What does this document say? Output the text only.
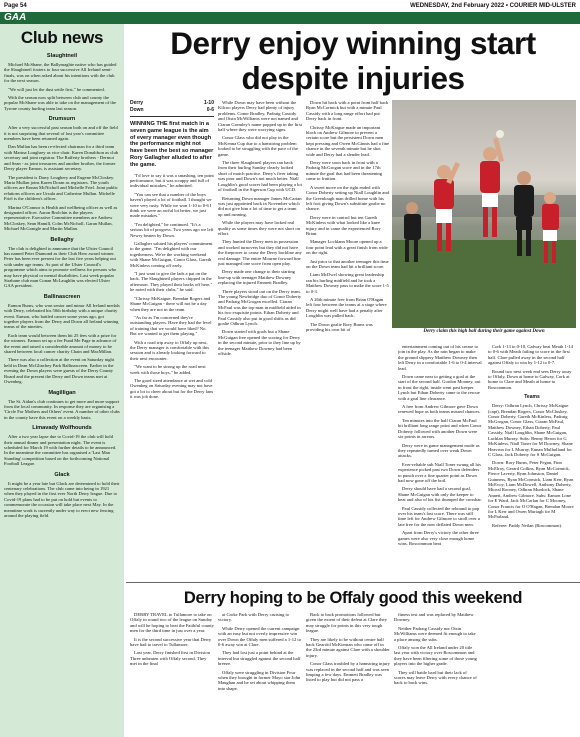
Page 54	WEDNESDAY, 2nd February 2022 • COURIER MID-ULSTER
GAA
Club news
Slaughtneil

Michael McShane, the Ballymaghie native who has guided the Slaughtneil footers to four successive All Ireland semi-finals, was on when asked about his intentions with the club for the next season.

"We will just let the dust settle first," he commented.

With the season now split between club and county the popular McShane was able to take on the management of the Tyrone county hurling team last season.

Drumsurn

After a very successful past season both on and off the field it is not surprising that several of last year's committee members have been returned again.

Dan Mullan has been re-elected chairman for a third team with Marina Loughrey as vice chair. Karen Donaldson as club secretary and joint registrar. The Rafferty brothers - Dermot and Sean - as joint treasurers and another brother, the former Derry player Eamon, is assistant secretary.

The president is Darry Loughery and Eugene McCloskey. Maria Mullan joins Karen Doran as registrars. The youth officers are Ronan McNicholl and Michelle Friel. Joint public relations officers are Ursula and Catherine Mullan. Michelle Friel is the children's officer.

Marina O'Connor is Health and wellbeing officer as well as designated officer. Aaron Brolchin is the players representative. Executive Committee members are Andrew McCloskey, Sean Hamill, Colm McNicholl, Garan Mullan, Michael McGonigle and Martin Mullan.

Bellaghy

The club is delighted to announce that the Ulster Council has named Peter Diamond as their Club Hero award winner. Peter has been ever present for the last five years helping out with under age teams. As part of the Ulster Council's programme which aims to promote wellness for persons who may have physical or mental disabilities. Last week popular Strabane club man Conan McLaughlin was elected Ulster GAA president.

Ballinascreen

Eamon Burns, who won senior and minor All Ireland medals with Derry, celebrated his 50th birthday with a unique charity event. Eamon, who battled cancer some years ago, got together players from the Derry and Down all Ireland winning teams of the nineties.

Each team would between them hit 25 fees with a prize for the winners. Eamon set up a fee Fund Me Page in advance of the event and raised a considerable amount of money to be shared between local cancer charity Chain and MacMillan.

There was also a collection at the event on Saturday night held in Dean McGlinchey Park Ballinascreen. Earlier in the evening the Down players were guests of the Derry County Board and the present the Derry and Down teams met at Owenbeg.

Magilligan

The St. Aidan's club continues to get more and more support from the local community. In response they are organising a 'Circle For Mothers and Others' event. A number of other clubs in the county have this event on a weekly basis.

Limavady Wolfhounds

After a two year lapse due to Covid-19 the club will hold their annual dinner and presentation night. The event is scheduled for March 19 with further details to be announced. In the meantime the committee has organised a 'Last Man Standing' competition based on the forthcoming National Football League.

Glack

It might be a year late but Glack are determined to hold their centenary celebrations. The club came into being in 1921 when they played in the first ever North Derry league. Due to Covid-19 plans had to be put on hold but events to commemorate the occasion will take place next May. In the meantime work is currently under way to erect new fencing around the playing field.

Derry enjoy winning start despite injuries
Derry	1-10
Down	0-6
WINNING THE first match in a seven game league is the aim of every manager even though the performance might not have been the best so manager Rory Gallagher alluded to after the game.

"I'd love to say it was a smashing, ten point performance, but it was scrappy and full of individual mistakes," he admitted.

"You can see that a number of the boys haven't played a lot of football. I thought we were very rusty. While we won 1-10 to 0-6 I think we were an awful lot better, we just made mistakes."

"I'm delighted," he continued. "It's a serious bit of progress. Two years ago we left Newry beaten by Down.

Gallagher saluted his players' commitment to the game. "I'm delighted with our togetherness. We're the working weekend with Shane McGuigan, Conor Glass, Gareth McKinless coming off early.

"I just want to give the lads a pat on the back. The Slaughtneil players chipped in the afternoon. They played their backs off here," he noted with their clubs," he said.

"Chrissy McKaigue, Brendan Rogers and Shane McGuigan - there will not be a day when they are not in the team.

"As far as I'm concerned they're outstanding players. Have they had the level of training that we would have liked? No. But we wanted to get them playing."

With a road trip away to Offaly up next, the Derry manager is comfortable with this session and is already looking forward to their next encounter.

"We want to be strong up the road next week with those boys," he added.

The good sized attendance at wet and cold Owenbeg on Saturday evening may not have got a lot to cheer about but for the Derry fans it was job done.

While Down may have been without the Kilcoo players Derry had plenty of injury problems. Conor Bradley, Padraig Cassidy and Oisin McWilliams were not named and Ciaran Gormley's name popped up in the first half where they were worrying signs.

Conor Glass who did not play in the McKenna Cup due to a hamstring problem looked to be struggling with the pace of the game.

The three Slaughtneil players ran back from their hurling Sunday clearly looked short of match practice. Derry's fiver taking was poor and Down's not much better. Niall Loughlin's good scorer had been playing a lot of football in the Sigerson Cup with UCD.

Returning Down manager James McCartan was just appointed back in November which did not give him a lot of time to get a team up and running.

While the players may have lacked real quality as some times they were not short on effort.

They hunted the Derry men in possession and worked turnovers but they did not have the firepower to cause the Derry backline any real damage. The entire Mourne forward line just managed one score from open play.

Derry made one change to their starting line-up with teenager Matthew Downey replacing the injured Emmett Bradley.

Three players stood out on the Derry team. The young Newbridge duo of Conor Doherty and Padraig McGrogan excelled. Ciaran McFaul was the top man in midfield aided in his two exquisite points. Ethan Doherty and Paul Cassidy also put in good shifts as did goalie Odhran Lynch.

Down started with goals but a Shane McGuigan free opened the scoring for Derry in the second minute, prior to they line up by the teenager Matthew Downey had been offside.

Down hit back with a point from half back Ryan McCormick but with a minute Paul Cassidy with a long range effort had put Derry back in front.

Chrissy McKaigue made an important block on Andrew Gilmore to prevent a certain score but the persistent Down men kept pressing and Owen McGinnis had a fine chance in the seventh minute but he shot wide and Derry had a slender lead.

Derry were soon back in front with a Padraig McGrogan score and in the 17th minute the goal that had been threatening came to fruition.

A sweet move on the right ended with Conor Doherty setting up Niall Loughlin and the Greenlough man drilled home with his left foot giving Down's substitute goalie no chance.

Derry were in control but ten Gareth McKinless with what looked like a knee injury and in came the experienced Rory Brian.

Manager Lochlann Moore opened up a four point lead with a great finish from wide on the right.

Just prior to that another teenager this time on the Down team had hit a brilliant score.

Liam McDwel showing great leadership ran his hurling midfield and he took a Matthew Downey pass to make the score 1-5 to 0-3.

A 26th minute free from Brian O'Hagan left four between the teams at a stage where Derry might well have had a penalty after Loughlin was pulled back.

The Down goalie Rory Burns was providing his own bit of	Derry claim this high ball during their game against Down

entertainment coming out of his crease to join in the play. As the rain began to make the ground slippery Matthew Downey then left Derry in a comfortable 1-6 to 0-4 interval lead.

Down came near to getting a goal at the start of the second half. Gordon Mooney, out in front the right, inside went past keeper Lynch but Ethan Doherty came to the rescue with a goal line clearance.

A free from Andrew Gilmore gave Down renewed hope as both teams missed chances.

Ten minutes into the half Ciaran McFaul hit brilliant long range point and when Conor Doherty followed with another Down were six points in arrears.

Derry were in game management mode as they repeatedly turned over weak Down attacks.

Ever-reliable sub Niall Toner swung all his experience picked past two Down defenders to punch over a fine quarter point as Down had now gone off the boil.

Derry should have had a second goal, Shane McGuigan with only the keeper to beat and also of his fist thumped the crossbar.

Paul Cassidy collected the rebound to pop over his team's last score. There was still time left for Andrew Gilmore to stroll over a late free for the now deflated Down men.

Apart from Derry's victory the other three games were also very close enough home wins. Roscommon beat

Cork 1-13 to 0-10, Galway beat Meath 1-14 to 0-6 with Meath failing to score in the first half. Clare pulled away in the second half against Offaly to win by 1-12 to 0-7.

Round two next week end sees Derry away to Offaly, Down at home to Galway, Cork at home to Clare and Meath at home to Roscommon.

Teams

Derry: Odhran Lynch, Chrissy McKaigue (capt), Brendan Rogers, Conor McCluskey, Conor Doherty, Gareth McKinless, Padraig McGrogan, Conor Glass, Ciaran McFaul, Matthew Downey, Ethan Doherty, Paul Cassidy, Niall Loughlin, Shane McGuigan, Lachlan Murray. Subs: Benny Heron for G McKinless, Niall Toner for M Downey, Shane Heavron for L Murray, Eunan Mulholland for C Glass, Jack Doherty for S McGuigan.

Down: Rory Burns, Peter Fegan, Finn McElroy, Gerard Collins, Ryan McCormick, Pierce Laverty, Ryan Johnston, Daniel Guinness, Ryan McCormick, Liam Kerr, Ryan McEvoy, Liam McDowell, Anthony Doherty, Miceal Rooney, Odhran Murdock, Shane Annett, Andrew Gilmore. Subs: Eamon Lone for E Ward, Jack McCarlan for C Mooney, Conor Francis for O O'Hagan, Brendan Moore for L Kerr and Owen Murtagh for M McParland.

Referee: Paddy Neilan (Roscommon).

Derry hoping to be Offaly good this weekend

DERRY TRAVEL to Tullamore to take on Offaly in round two of the league on Sunday and will be hoping to beat the Faithful county men for the third time in just over a year.

It is the second successive year that Derry have had to travel to Tullamore.

Last year, Derry finished first in Division Three unbeaten with Offaly second. They met in the final

at Croke Park with Derry cruising to victory.

While Derry opened the current campaign with an easy but not overly impressive win over Down the Offaly men suffered a 1-12 to 0-6 away win at Clare.

They had lost just a point behind at the interval but struggled against the second half breeze.

Offaly were struggling in Division Four when they brought in former Mayo star John Maughan and he set about whipping them into shape.

Back to back promotions followed but given the extent of their defeat at Clare they may struggle for points in this very tough league.

They are likely to be without centre half back Gearóid McKiernan who came off in the 23rd minute against Clare with a shoulder injury.

Conor Glass troubled by a hamstring injury was replaced in the second half and was seen limping a few days. Emmett Bradley was listed to play but did not pass a

fitness test and was replaced by Matthew Downey.

Neither Padraig Cassidy nor Oisin McWilliams were deemed fit enough to take a place among the subs.

Offaly won the All Ireland under 20 title last year with victory over Roscommon and they have been filtering some of those young players into the higher grade.

They will battle hard but their lack of scores may leave Derry with every chance of back to back wins.
